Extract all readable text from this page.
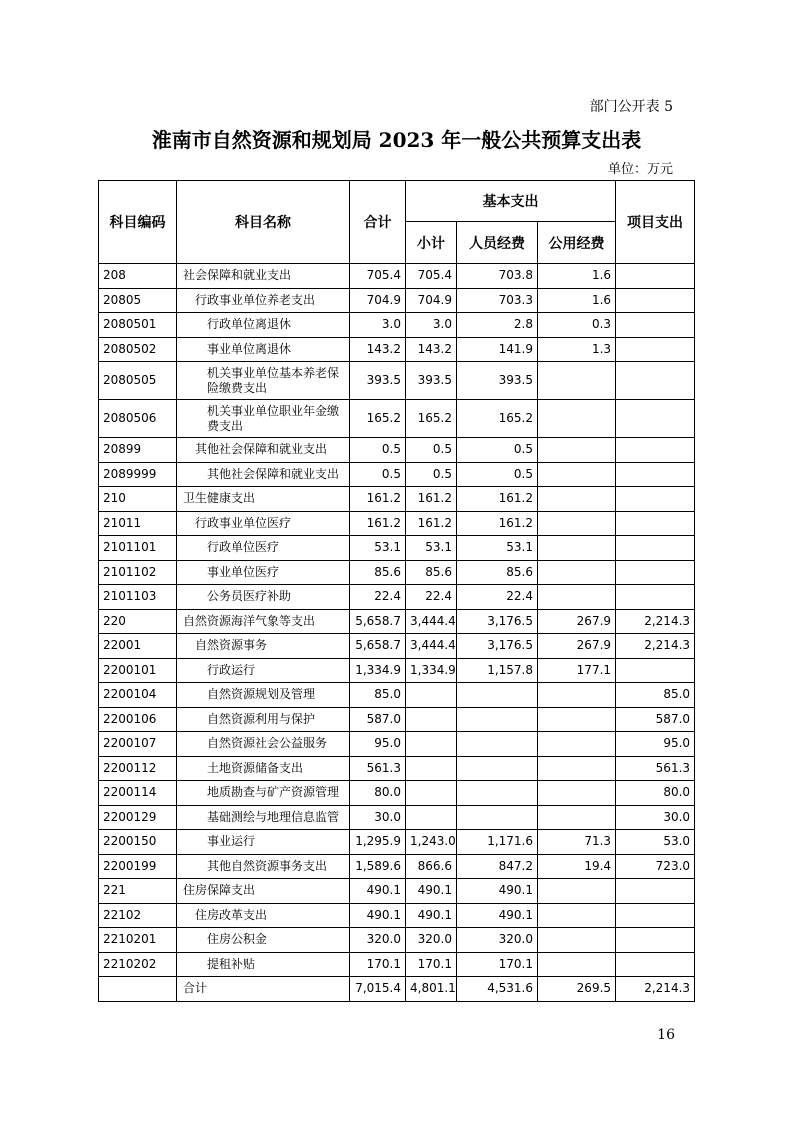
部门公开表 5
淮南市自然资源和规划局 2023 年一般公共预算支出表
单位：万元
科目编码	科目名称	合计	基本支出			项目支出
			小计	人员经费	公用经费	
208	社会保障和就业支出	705.4	705.4	703.8	1.6	
20805	行政事业单位养老支出	704.9	704.9	703.3	1.6	
2080501	行政单位离退休	3.0	3.0	2.8	0.3	
2080502	事业单位离退休	143.2	143.2	141.9	1.3	
2080505	机关事业单位基本养老保险缴费支出	393.5	393.5	393.5		
2080506	机关事业单位职业年金缴费支出	165.2	165.2	165.2		
20899	其他社会保障和就业支出	0.5	0.5	0.5		
2089999	其他社会保障和就业支出	0.5	0.5	0.5		
210	卫生健康支出	161.2	161.2	161.2		
21011	行政事业单位医疗	161.2	161.2	161.2		
2101101	行政单位医疗	53.1	53.1	53.1		
2101102	事业单位医疗	85.6	85.6	85.6		
2101103	公务员医疗补助	22.4	22.4	22.4		
220	自然资源海洋气象等支出	5,658.7	3,444.4	3,176.5	267.9	2,214.3
22001	自然资源事务	5,658.7	3,444.4	3,176.5	267.9	2,214.3
2200101	行政运行	1,334.9	1,334.9	1,157.8	177.1	
2200104	自然资源规划及管理	85.0				85.0
2200106	自然资源利用与保护	587.0				587.0
2200107	自然资源社会公益服务	95.0				95.0
2200112	土地资源储备支出	561.3				561.3
2200114	地质勘查与矿产资源管理	80.0				80.0
2200129	基础测绘与地理信息监管	30.0				30.0
2200150	事业运行	1,295.9	1,243.0	1,171.6	71.3	53.0
2200199	其他自然资源事务支出	1,589.6	866.6	847.2	19.4	723.0
221	住房保障支出	490.1	490.1	490.1		
22102	住房改革支出	490.1	490.1	490.1		
2210201	住房公积金	320.0	320.0	320.0		
2210202	提租补贴	170.1	170.1	170.1		
	合计	7,015.4	4,801.1	4,531.6	269.5	2,214.3
16
